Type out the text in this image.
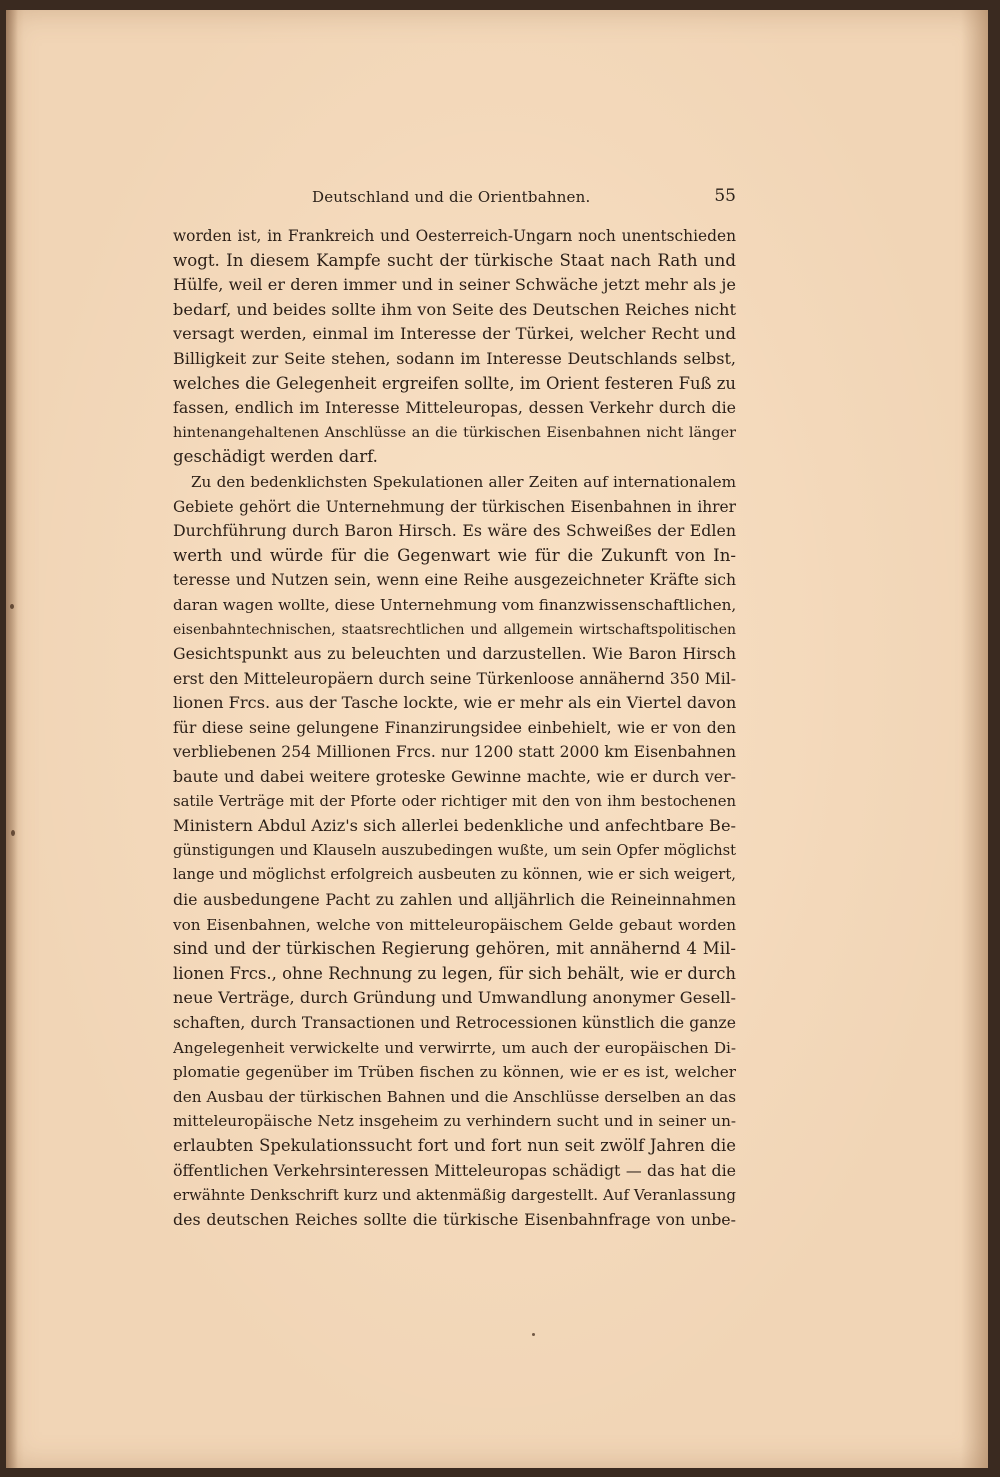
Deutschland und die Orientbahnen.	55
worden ist, in Frankreich und Oesterreich-Ungarn noch unentschieden
wogt. In diesem Kampfe sucht der türkische Staat nach Rath und
Hülfe, weil er deren immer und in seiner Schwäche jetzt mehr als je
bedarf, und beides sollte ihm von Seite des Deutschen Reiches nicht
versagt werden, einmal im Interesse der Türkei, welcher Recht und
Billigkeit zur Seite stehen, sodann im Interesse Deutschlands selbst,
welches die Gelegenheit ergreifen sollte, im Orient festeren Fuß zu
fassen, endlich im Interesse Mitteleuropas, dessen Verkehr durch die
hintenangehaltenen Anschlüsse an die türkischen Eisenbahnen nicht länger
geschädigt werden darf.
Zu den bedenklichsten Spekulationen aller Zeiten auf internationalem
Gebiete gehört die Unternehmung der türkischen Eisenbahnen in ihrer
Durchführung durch Baron Hirsch. Es wäre des Schweißes der Edlen
werth und würde für die Gegenwart wie für die Zukunft von In-
teresse und Nutzen sein, wenn eine Reihe ausgezeichneter Kräfte sich
daran wagen wollte, diese Unternehmung vom finanzwissenschaftlichen,
eisenbahntechnischen, staatsrechtlichen und allgemein wirtschaftspolitischen
Gesichtspunkt aus zu beleuchten und darzustellen. Wie Baron Hirsch
erst den Mitteleuropäern durch seine Türkenloose annähernd 350 Mil-
lionen Frcs. aus der Tasche lockte, wie er mehr als ein Viertel davon
für diese seine gelungene Finanzirungsidee einbehielt, wie er von den
verbliebenen 254 Millionen Frcs. nur 1200 statt 2000 km Eisenbahnen
baute und dabei weitere groteske Gewinne machte, wie er durch ver-
satile Verträge mit der Pforte oder richtiger mit den von ihm bestochenen
Ministern Abdul Aziz's sich allerlei bedenkliche und anfechtbare Be-
günstigungen und Klauseln auszubedingen wußte, um sein Opfer möglichst
lange und möglichst erfolgreich ausbeuten zu können, wie er sich weigert,
die ausbedungene Pacht zu zahlen und alljährlich die Reineinnahmen
von Eisenbahnen, welche von mitteleuropäischem Gelde gebaut worden
sind und der türkischen Regierung gehören, mit annähernd 4 Mil-
lionen Frcs., ohne Rechnung zu legen, für sich behält, wie er durch
neue Verträge, durch Gründung und Umwandlung anonymer Gesell-
schaften, durch Transactionen und Retrocessionen künstlich die ganze
Angelegenheit verwickelte und verwirrte, um auch der europäischen Di-
plomatie gegenüber im Trüben fischen zu können, wie er es ist, welcher
den Ausbau der türkischen Bahnen und die Anschlüsse derselben an das
mitteleuropäische Netz insgeheim zu verhindern sucht und in seiner un-
erlaubten Spekulationssucht fort und fort nun seit zwölf Jahren die
öffentlichen Verkehrsinteressen Mitteleuropas schädigt — das hat die
erwähnte Denkschrift kurz und aktenmäßig dargestellt. Auf Veranlassung
des deutschen Reiches sollte die türkische Eisenbahnfrage von unbe-
